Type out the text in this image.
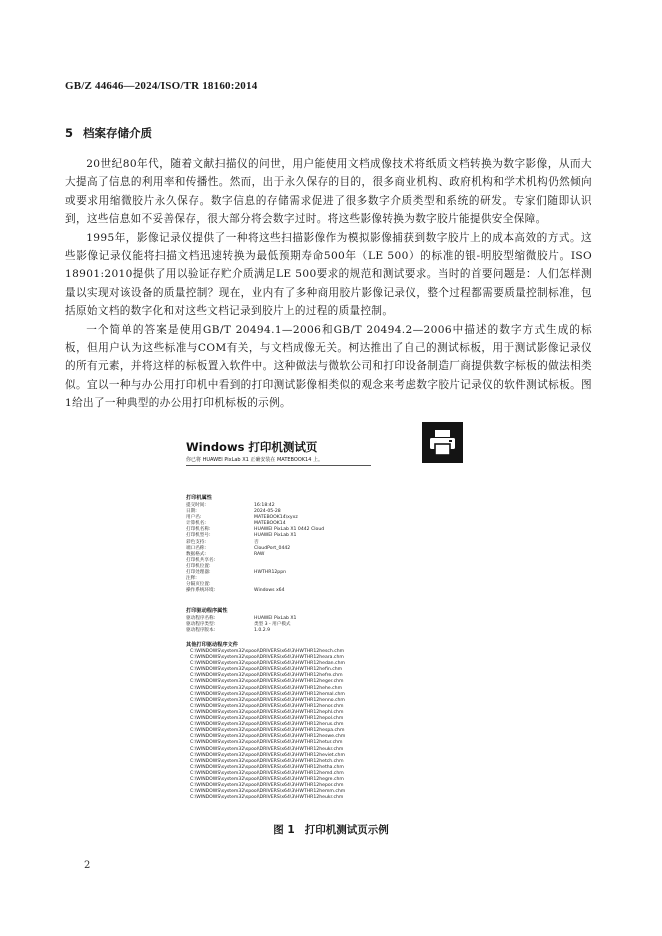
GB/Z 44646—2024/ISO/TR 18160:2014
5 档案存储介质

20世纪80年代，随着文献扫描仪的问世，用户能使用文档成像技术将纸质文档转换为数字影像，从而大大提高了信息的利用率和传播性。然而，出于永久保存的目的，很多商业机构、政府机构和学术机构仍然倾向或要求用缩微胶片永久保存。数字信息的存储需求促进了很多数字介质类型和系统的研发。专家们随即认识到，这些信息如不妥善保存，很大部分将会数字过时。将这些影像转换为数字胶片能提供安全保障。

1995年，影像记录仪提供了一种将这些扫描影像作为模拟影像捕获到数字胶片上的成本高效的方式。这些影像记录仪能将扫描文档迅速转换为最低预期寿命500年（LE 500）的标准的银-明胶型缩微胶片。ISO 18901:2010提供了用以验证存贮介质满足LE 500要求的规范和测试要求。当时的首要问题是：人们怎样测量以实现对该设备的质量控制？现在，业内有了多种商用胶片影像记录仪，整个过程都需要质量控制标准，包括原始文档的数字化和对这些文档记录到胶片上的过程的质量控制。

一个简单的答案是使用GB/T 20494.1—2006和GB/T 20494.2—2006中描述的数字方式生成的标板，但用户认为这些标准与COM有关，与文档成像无关。柯达推出了自己的测试标板，用于测试影像记录仪的所有元素，并将这样的标板置入软件中。这种做法与微软公司和打印设备制造厂商提供数字标板的做法相类似。宜以一种与办公用打印机中看到的打印测试影像相类似的观念来考虑数字胶片记录仪的软件测试标板。图1给出了一种典型的办公用打印机标板的示例。

Windows 打印机测试页
你已将 HUAWEI PixLab X1 正确安装在 MATEBOOK14 上。
打印机属性
提交时间:	16:18:42
日期:	2024-05-28
用户名:	MATEBOOK14\xyxz
计算机名:	MATEBOOK14
打印机名称:	HUAWEI PixLab X1 0442 Cloud
打印机型号:	HUAWEI PixLab X1
彩色支持:	否
端口名称:	CloudPort_0442
数据格式:	RAW
打印机共享名:
打印机位置:
打印处理器:	HWTHR12ppn
注释:
分隔页位置:
操作系统环境:	Windows x64
打印驱动程序属性
驱动程序名称:	HUAWEI PixLab X1
驱动程序类型:	类型 3 - 用户模式
驱动程序版本:	1.0.2.9
其他打印驱动程序文件
C:\WINDOWS\system32\spool\DRIVERS\x64\3\HWTHR12hesch.chm
C:\WINDOWS\system32\spool\DRIVERS\x64\3\HWTHR12heara.chm
C:\WINDOWS\system32\spool\DRIVERS\x64\3\HWTHR12hedan.chm
C:\WINDOWS\system32\spool\DRIVERS\x64\3\HWTHR12hefin.chm
C:\WINDOWS\system32\spool\DRIVERS\x64\3\HWTHR12hefre.chm
C:\WINDOWS\system32\spool\DRIVERS\x64\3\HWTHR12heger.chm
C:\WINDOWS\system32\spool\DRIVERS\x64\3\HWTHR12hehe.chm
C:\WINDOWS\system32\spool\DRIVERS\x64\3\HWTHR12hemal.chm
C:\WINDOWS\system32\spool\DRIVERS\x64\3\HWTHR12henno.chm
C:\WINDOWS\system32\spool\DRIVERS\x64\3\HWTHR12henor.chm
C:\WINDOWS\system32\spool\DRIVERS\x64\3\HWTHR12hephl.chm
C:\WINDOWS\system32\spool\DRIVERS\x64\3\HWTHR12hepol.chm
C:\WINDOWS\system32\spool\DRIVERS\x64\3\HWTHR12herus.chm
C:\WINDOWS\system32\spool\DRIVERS\x64\3\HWTHR12hespa.chm
C:\WINDOWS\system32\spool\DRIVERS\x64\3\HWTHR12heswe.chm
C:\WINDOWS\system32\spool\DRIVERS\x64\3\HWTHR12hetur.chm
C:\WINDOWS\system32\spool\DRIVERS\x64\3\HWTHR12heukr.chm
C:\WINDOWS\system32\spool\DRIVERS\x64\3\HWTHR12heviet.chm
C:\WINDOWS\system32\spool\DRIVERS\x64\3\HWTHR12hetch.chm
C:\WINDOWS\system32\spool\DRIVERS\x64\3\HWTHR12hetha.chm
C:\WINDOWS\system32\spool\DRIVERS\x64\3\HWTHR12hemd.chm
C:\WINDOWS\system32\spool\DRIVERS\x64\3\HWTHR12hegre.chm
C:\WINDOWS\system32\spool\DRIVERS\x64\3\HWTHR12hepor.chm
C:\WINDOWS\system32\spool\DRIVERS\x64\3\HWTHR12hemm.chm
C:\WINDOWS\system32\spool\DRIVERS\x64\3\HWTHR12heukr.chm
图 1 打印机测试页示例
2
